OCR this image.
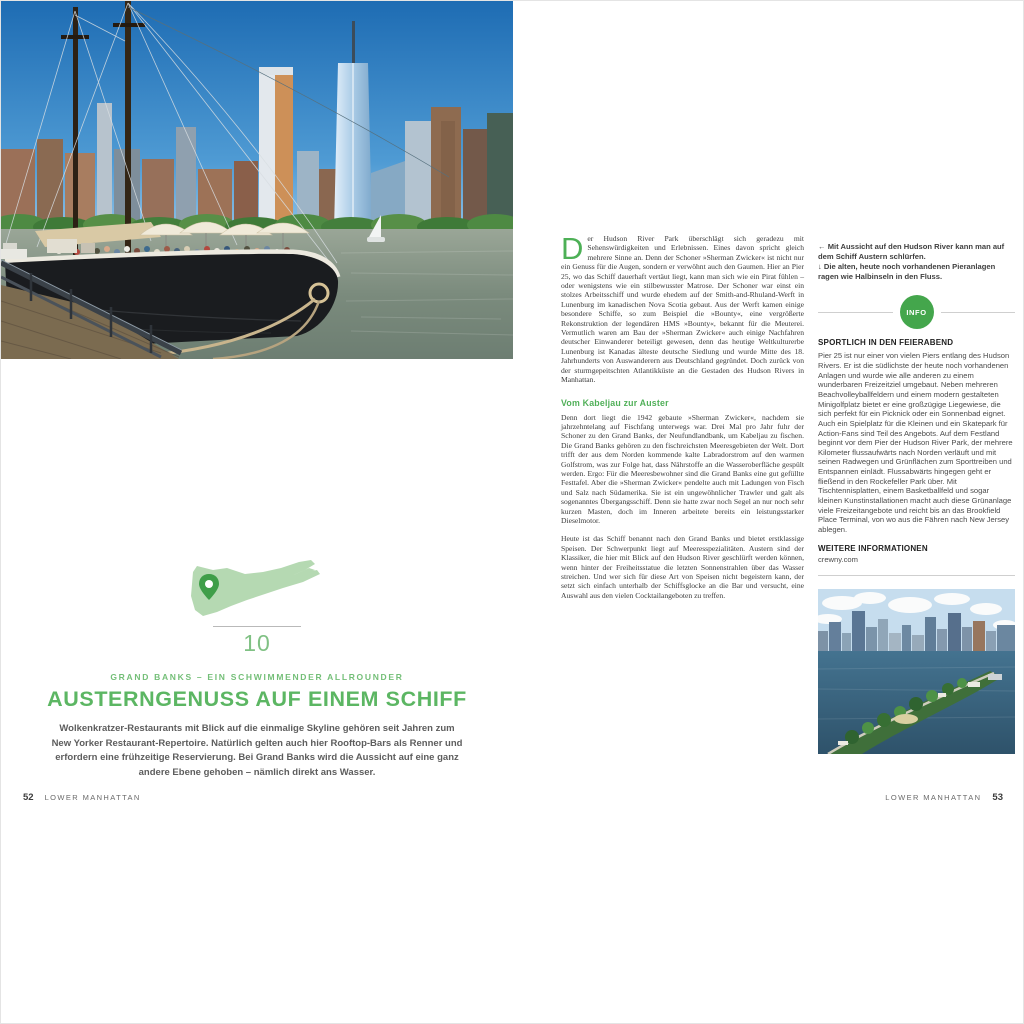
10
GRAND BANKS – EIN SCHWIMMENDER ALLROUNDER
AUSTERNGENUSS AUF EINEM SCHIFF

Wolkenkratzer-Restaurants mit Blick auf die einmalige Skyline gehören seit Jahren zum New Yorker Restaurant-Repertoire. Natürlich gelten auch hier Rooftop-Bars als Renner und erfordern eine frühzeitige Reservierung. Bei Grand Banks wird die Aussicht auf eine ganz andere Ebene gehoben – nämlich direkt ans Wasser.

52 LOWER MANHATTAN

Der Hudson River Park überschlägt sich geradezu mit Sehenswürdigkeiten und Erlebnissen. Eines davon spricht gleich mehrere Sinne an. Denn der Schoner »Sherman Zwicker« ist nicht nur ein Genuss für die Augen, sondern er verwöhnt auch den Gaumen. Hier an Pier 25, wo das Schiff dauerhaft vertäut liegt, kann man sich wie ein Pirat fühlen – oder wenigstens wie ein stilbewusster Matrose. Der Schoner war einst ein stolzes Arbeitsschiff und wurde ehedem auf der Smith-and-Rhuland-Werft in Lunenburg im kanadischen Nova Scotia gebaut. Aus der Werft kamen einige besondere Schiffe, so zum Beispiel die »Bounty«, eine vergrößerte Rekonstruktion der legendären HMS »Bounty«, bekannt für die Meuterei. Vermutlich waren am Bau der »Sherman Zwicker« auch einige Nachfahren deutscher Einwanderer beteiligt gewesen, denn das heutige Weltkulturerbe Lunenburg ist Kanadas älteste deutsche Siedlung und wurde Mitte des 18. Jahrhunderts von Auswanderern aus Deutschland gegründet. Doch zurück von der sturmgepeitschten Atlantikküste an die Gestaden des Hudson Rivers in Manhattan.

Vom Kabeljau zur Auster

Denn dort liegt die 1942 gebaute »Sherman Zwicker«, nachdem sie jahrzehntelang auf Fischfang unterwegs war. Drei Mal pro Jahr fuhr der Schoner zu den Grand Banks, der Neufundlandbank, um Kabeljau zu fischen. Die Grand Banks gehören zu den fischreichsten Meeresgebieten der Welt. Dort trifft der aus dem Norden kommende kalte Labradorstrom auf den warmen Golfstrom, was zur Folge hat, dass Nährstoffe an die Wasseroberfläche gespült werden. Ergo: Für die Meeresbewohner sind die Grand Banks eine gut gefüllte Festtafel. Aber die »Sherman Zwicker« pendelte auch mit Ladungen von Fisch und Salz nach Südamerika. Sie ist ein ungewöhnlicher Trawler und galt als sogenanntes Übergangsschiff. Denn sie hatte zwar noch Segel an nur noch sehr kurzen Masten, doch im Inneren arbeitete bereits ein leistungsstarker Dieselmotor.

Heute ist das Schiff benannt nach den Grand Banks und bietet erstklassige Speisen. Der Schwerpunkt liegt auf Meeresspezialitäten. Austern sind der Klassiker, die hier mit Blick auf den Hudson River geschlürft werden können, wenn hinter der Freiheitsstatue die letzten Sonnenstrahlen über das Wasser streichen. Und wer sich für diese Art von Speisen nicht begeistern kann, der setzt sich einfach unterhalb der Schiffsglocke an die Bar und versucht, eine Auswahl aus den vielen Cocktailangeboten zu treffen.

← Mit Aussicht auf den Hudson River kann man auf dem Schiff Austern schlürfen.

↓ Die alten, heute noch vorhandenen Pieranlagen ragen wie Halbinseln in den Fluss.

INFO
SPORTLICH IN DEN FEIERABEND

Pier 25 ist nur einer von vielen Piers entlang des Hudson Rivers. Er ist die südlichste der heute noch vorhandenen Anlagen und wurde wie alle anderen zu einem wunderbaren Freizeitziel umgebaut. Neben mehreren Beachvolleyballfeldern und einem modern gestalteten Minigolfplatz bietet er eine großzügige Liegewiese, die sich perfekt für ein Picknick oder ein Sonnenbad eignet. Auch ein Spielplatz für die Kleinen und ein Skatepark für Action-Fans sind Teil des Angebots. Auf dem Festland beginnt vor dem Pier der Hudson River Park, der mehrere Kilometer flussaufwärts nach Norden verläuft und mit seinen Radwegen und Grünflächen zum Sporttreiben und Entspannen einlädt. Flussabwärts hingegen geht er fließend in den Rockefeller Park über. Mit Tischtennisplatten, einem Basketballfeld und sogar kleinen Kunstinstallationen macht auch diese Grünanlage viele Freizeitangebote und reicht bis an das Brookfield Place Terminal, von wo aus die Fähren nach New Jersey ablegen.

WEITERE INFORMATIONEN

crewny.com

LOWER MANHATTAN 53
